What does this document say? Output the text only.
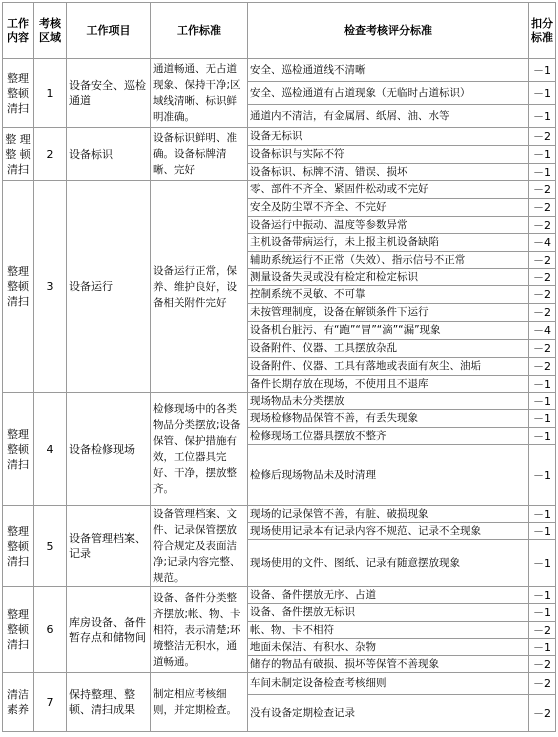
工作内容	考核区域	工作项目	工作标准	检查考核评分标准	扣分标准
整理整顿清扫	1	设备安全、巡检通道	通道畅通、无占道现象、保持干净;区域线清晰、标识鲜明准确。	安全、巡检通道线不清晰	－1
				安全、巡检通道有占道现象（无临时占道标识）	－1
				通道内不清洁，有金属屑、纸屑、油、水等	－1
整 理 整 顿 清扫	2	设备标识	设备标识鲜明、准确。设备标牌清晰、完好	设备无标识	－2
				设备标识与实际不符	－1
				设备标识、标牌不清、错误、损坏	－1
整理整顿清扫	3	设备运行	设备运行正常，保养、维护良好，设备相关附件完好	零、部件不齐全、紧固件松动或不完好	－2
				安全及防尘罩不齐全、不完好	－2
				设备运行中振动、温度等参数异常	－2
				主机设备带病运行，未上报主机设备缺陷	－4
				辅助系统运行不正常（失效）、指示信号不正常	－2
				测量设备失灵或没有检定和检定标识	－2
				控制系统不灵敏、不可靠	－2
				未按管理制度，设备在解锁条件下运行	－2
				设备机台脏污、有“跑”“冒”“滴”“漏”现象	－4
				设备附件、仪器、工具摆放杂乱	－2
				设备附件、仪器、工具有落地或表面有灰尘、油垢	－2
				备件长期存放在现场，不使用且不退库	－1
整理整顿清扫	4	设备检修现场	检修现场中的各类物品分类摆放;设备保管、保护措施有效，工位器具完好、干净，摆放整齐。	现场物品未分类摆放	－1
				现场检修物品保管不善，有丢失现象	－1
				检修现场工位器具摆放不整齐	－1
				检修后现场物品未及时清理	－1
整理整顿清扫	5	设备管理档案、记录	设备管理档案、文件、记录保管摆放符合规定及表面洁净;记录内容完整、规范。	现场的记录保管不善，有脏、破损现象	－1
				现场使用记录本有记录内容不规范、记录不全现象	－1
				现场使用的文件、图纸、记录有随意摆放现象	－1
整理整顿清扫	6	库房设备、备件暂存点和储物间	设备、备件分类整齐摆放;帐、物、卡相符，表示清楚;环境整洁无积水，通道畅通。	设备、备件摆放无序、占道	－1
				设备、备件摆放无标识	－1
				帐、物、卡不相符	－2
				地面未保洁、有积水、杂物	－1
				储存的物品有破损、损坏等保管不善现象	－2
清洁素养	7	保持整理、整顿、清扫成果	制定相应考核细则，并定期检查。	车间未制定设备检查考核细则	－2
				没有设备定期检查记录	－2
